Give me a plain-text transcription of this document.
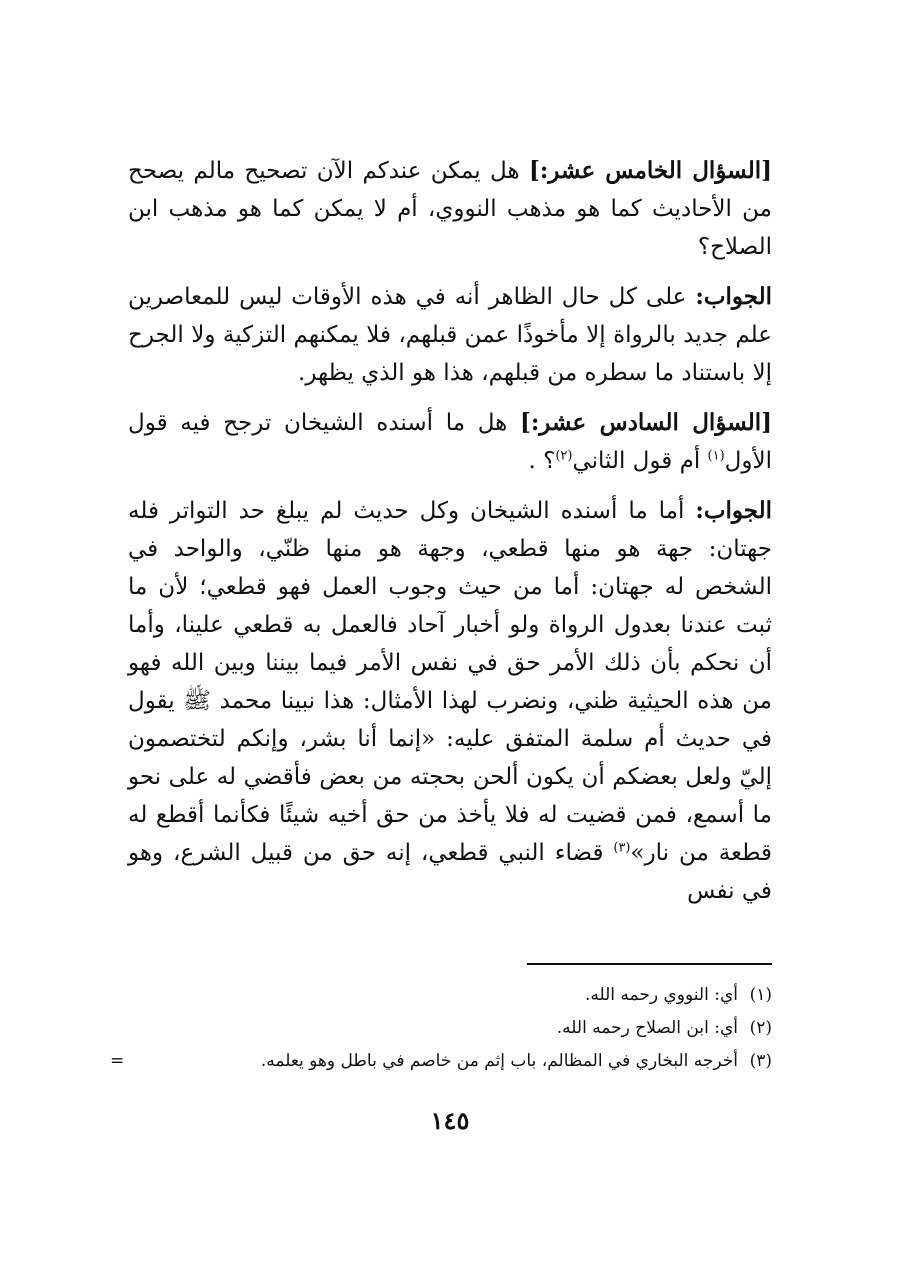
[السؤال الخامس عشر:] هل يمكن عندكم الآن تصحيح مالم يصحح من الأحاديث كما هو مذهب النووي، أم لا يمكن كما هو مذهب ابن الصلاح؟

الجواب: على كل حال الظاهر أنه في هذه الأوقات ليس للمعاصرين علم جديد بالرواة إلا مأخوذًا عمن قبلهم، فلا يمكنهم التزكية ولا الجرح إلا باستناد ما سطره من قبلهم، هذا هو الذي يظهر.

[السؤال السادس عشر:] هل ما أسنده الشيخان ترجح فيه قول الأول$^{(١)}$ أم قول الثاني$^{(٢)}$؟ .

الجواب: أما ما أسنده الشيخان وكل حديث لم يبلغ حد التواتر فله جهتان: جهة هو منها قطعي، وجهة هو منها ظنّي، والواحد في الشخص له جهتان: أما من حيث وجوب العمل فهو قطعي؛ لأن ما ثبت عندنا بعدول الرواة ولو أخبار آحاد فالعمل به قطعي علينا، وأما أن نحكم بأن ذلك الأمر حق في نفس الأمر فيما بيننا وبين الله فهو من هذه الحيثية ظني، ونضرب لهذا الأمثال: هذا نبينا محمد ﷺ يقول في حديث أم سلمة المتفق عليه: «إنما أنا بشر، وإنكم لتختصمون إليّ ولعل بعضكم أن يكون ألحن بحجته من بعض فأقضي له على نحو ما أسمع، فمن قضيت له فلا يأخذ من حق أخيه شيئًا فكأنما أقطع له قطعة من نار»$^{(٣)}$ قضاء النبي قطعي، إنه حق من قبيل الشرع، وهو في نفس

(١)
أي: النووي رحمه الله.
(٢)
أي: ابن الصلاح رحمه الله.
(٣)
أخرجه البخاري في المظالم، باب إثم من خاصم في باطل وهو يعلمه.
=
١٤٥
